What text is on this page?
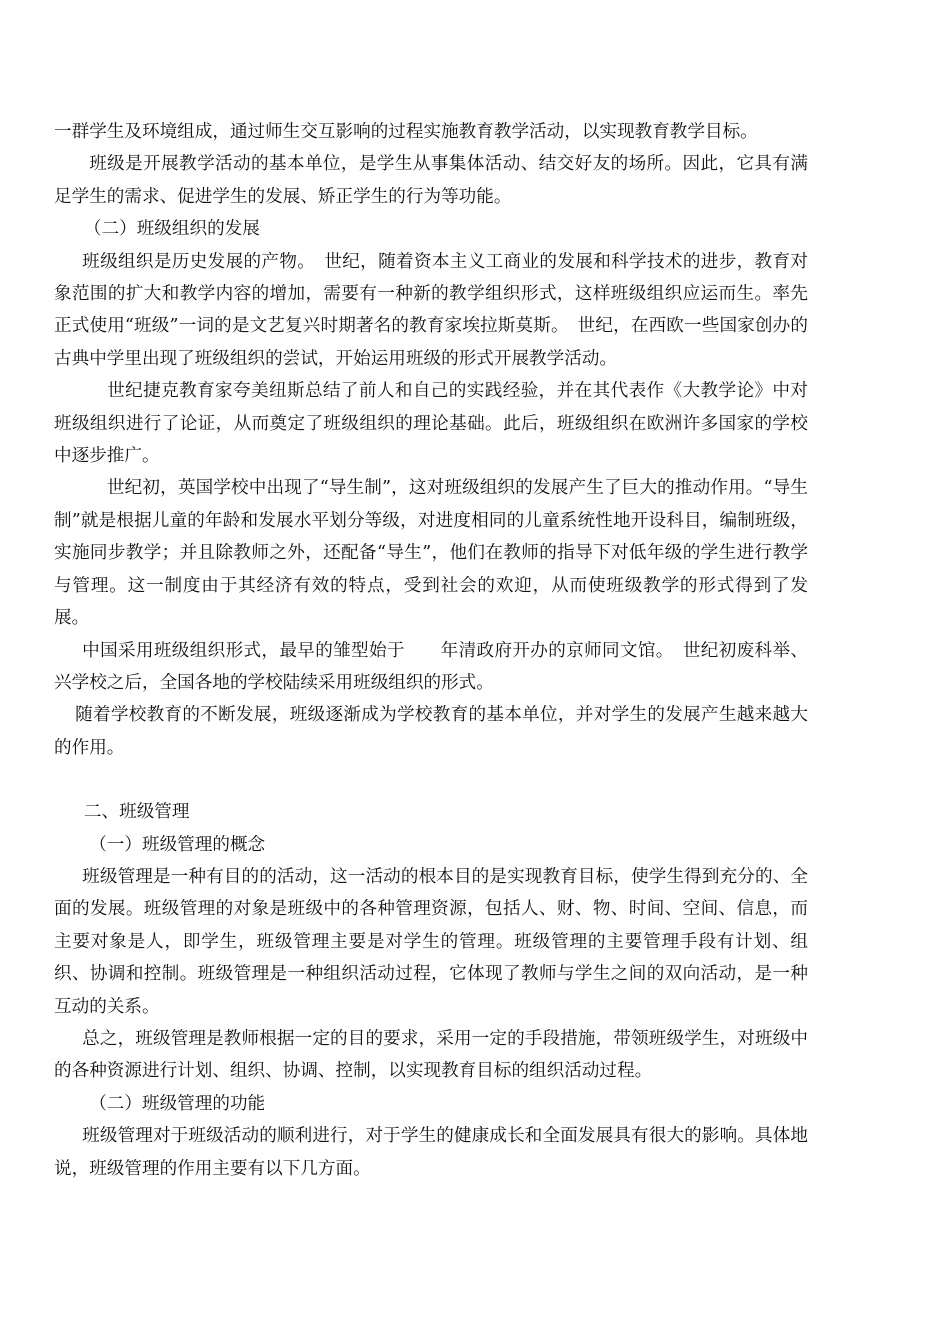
一群学生及环境组成，通过师生交互影响的过程实施教育教学活动，以实现教育教学目标。

班级是开展教学活动的基本单位，是学生从事集体活动、结交好友的场所。因此，它具有满足学生的需求、促进学生的发展、矫正学生的行为等功能。

（二）班级组织的发展

班级组织是历史发展的产物。　世纪，随着资本主义工商业的发展和科学技术的进步，教育对象范围的扩大和教学内容的增加，需要有一种新的教学组织形式，这样班级组织应运而生。率先正式使用“班级”一词的是文艺复兴时期著名的教育家埃拉斯莫斯。　世纪，在西欧一些国家创办的古典中学里出现了班级组织的尝试，开始运用班级的形式开展教学活动。

　世纪捷克教育家夸美纽斯总结了前人和自己的实践经验，并在其代表作《大教学论》中对班级组织进行了论证，从而奠定了班级组织的理论基础。此后，班级组织在欧洲许多国家的学校中逐步推广。

　世纪初，英国学校中出现了“导生制”，这对班级组织的发展产生了巨大的推动作用。“导生制”就是根据儿童的年龄和发展水平划分等级，对进度相同的儿童系统性地开设科目，编制班级，实施同步教学；并且除教师之外，还配备“导生”，他们在教师的指导下对低年级的学生进行教学与管理。这一制度由于其经济有效的特点，受到社会的欢迎，从而使班级教学的形式得到了发展。

中国采用班级组织形式，最早的雏型始于　　年清政府开办的京师同文馆。　世纪初废科举、兴学校之后，全国各地的学校陆续采用班级组织的形式。

随着学校教育的不断发展，班级逐渐成为学校教育的基本单位，并对学生的发展产生越来越大的作用。

二、班级管理

（一）班级管理的概念

班级管理是一种有目的的活动，这一活动的根本目的是实现教育目标，使学生得到充分的、全面的发展。班级管理的对象是班级中的各种管理资源，包括人、财、物、时间、空间、信息，而主要对象是人，即学生，班级管理主要是对学生的管理。班级管理的主要管理手段有计划、组织、协调和控制。班级管理是一种组织活动过程，它体现了教师与学生之间的双向活动，是一种互动的关系。

总之，班级管理是教师根据一定的目的要求，采用一定的手段措施，带领班级学生，对班级中的各种资源进行计划、组织、协调、控制，以实现教育目标的组织活动过程。

（二）班级管理的功能

班级管理对于班级活动的顺利进行，对于学生的健康成长和全面发展具有很大的影响。具体地说，班级管理的作用主要有以下几方面。
